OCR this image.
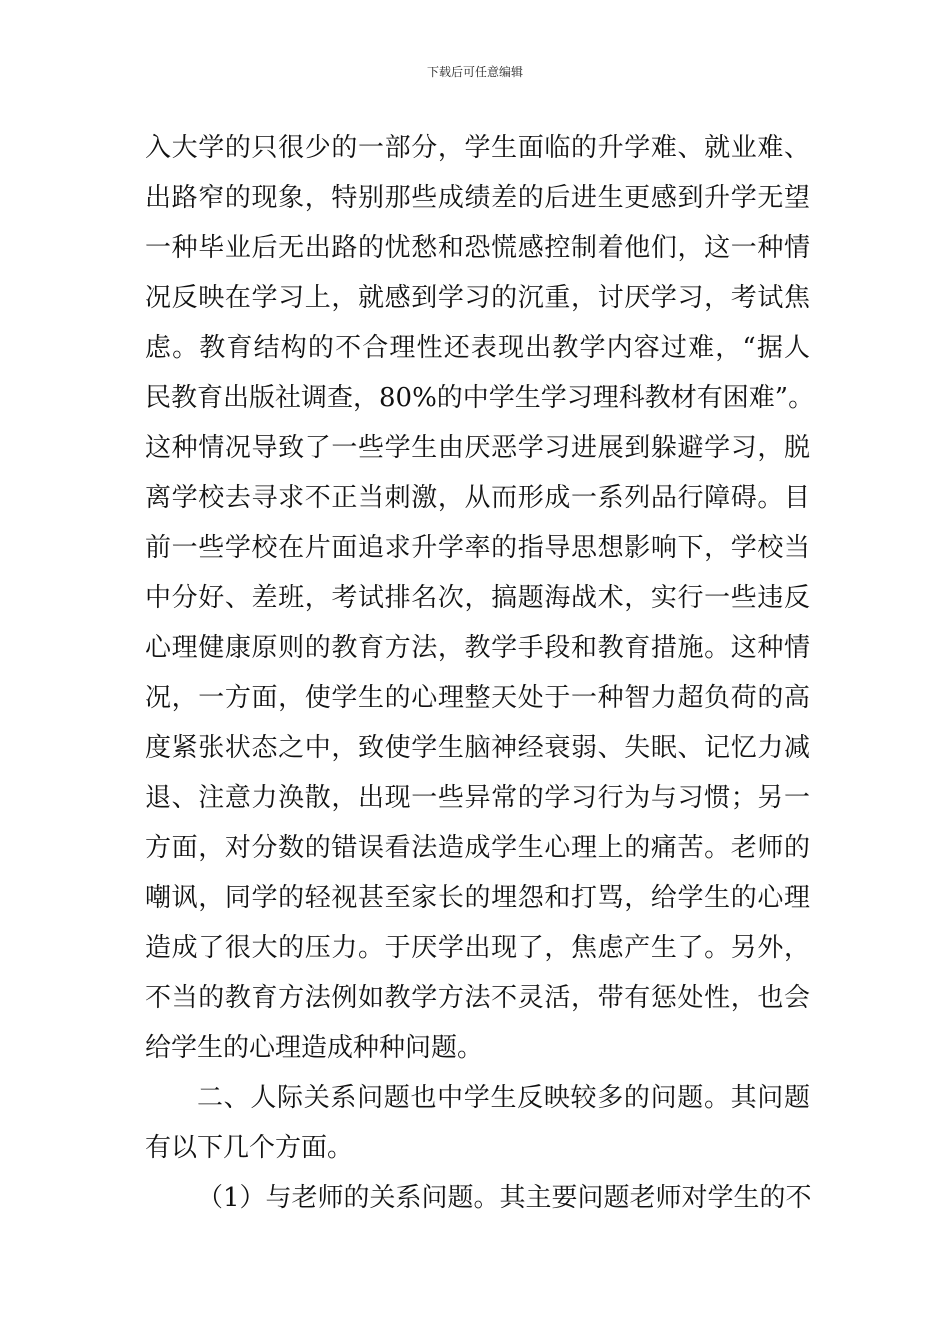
下载后可任意编辑
入大学的只很少的一部分，学生面临的升学难、就业难、
出路窄的现象，特别那些成绩差的后进生更感到升学无望
一种毕业后无出路的忧愁和恐慌感控制着他们，这一种情
况反映在学习上，就感到学习的沉重，讨厌学习，考试焦
虑。教育结构的不合理性还表现出教学内容过难，“据人
民教育出版社调查，80%的中学生学习理科教材有困难”。
这种情况导致了一些学生由厌恶学习进展到躲避学习，脱
离学校去寻求不正当刺激，从而形成一系列品行障碍。目
前一些学校在片面追求升学率的指导思想影响下，学校当
中分好、差班，考试排名次，搞题海战术，实行一些违反
心理健康原则的教育方法，教学手段和教育措施。这种情
况，一方面，使学生的心理整天处于一种智力超负荷的高
度紧张状态之中，致使学生脑神经衰弱、失眠、记忆力减
退、注意力涣散，出现一些异常的学习行为与习惯；另一
方面，对分数的错误看法造成学生心理上的痛苦。老师的
嘲讽，同学的轻视甚至家长的埋怨和打骂，给学生的心理
造成了很大的压力。于厌学出现了，焦虑产生了。另外，
不当的教育方法例如教学方法不灵活，带有惩处性，也会
给学生的心理造成种种问题。
二、人际关系问题也中学生反映较多的问题。其问题
有以下几个方面。
（1）与老师的关系问题。其主要问题老师对学生的不
